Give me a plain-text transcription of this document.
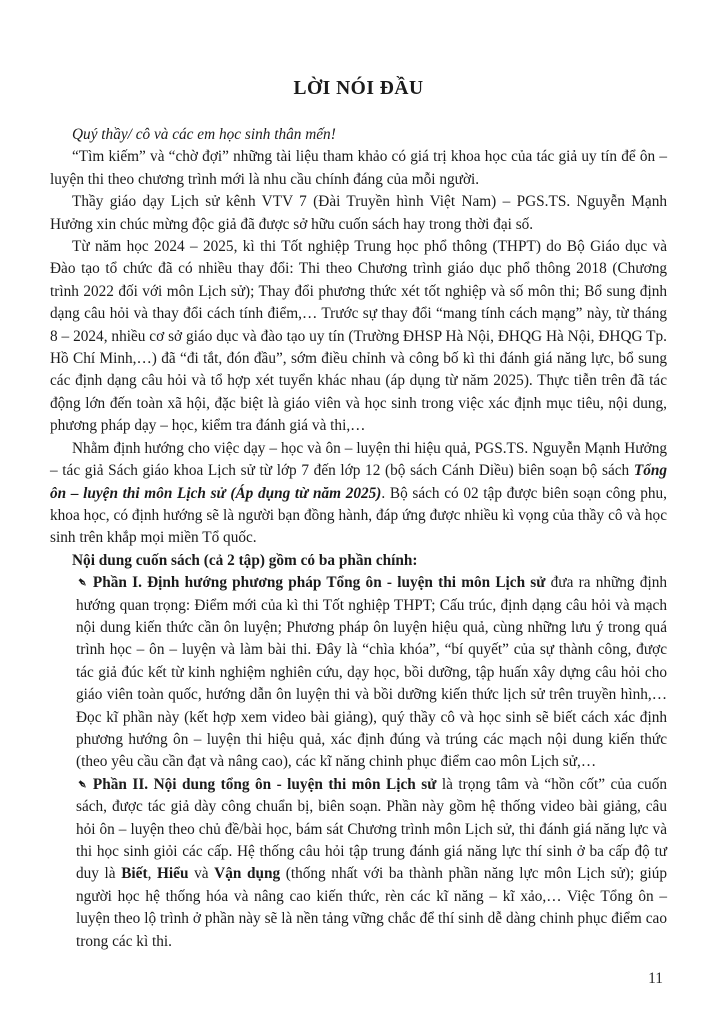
LỜI NÓI ĐẦU

Quý thầy/ cô và các em học sinh thân mến!

“Tìm kiếm” và “chờ đợi” những tài liệu tham khảo có giá trị khoa học của tác giả uy tín để ôn – luyện thi theo chương trình mới là nhu cầu chính đáng của mỗi người.

Thầy giáo dạy Lịch sử kênh VTV 7 (Đài Truyền hình Việt Nam) – PGS.TS. Nguyễn Mạnh Hưởng xin chúc mừng độc giả đã được sở hữu cuốn sách hay trong thời đại số.

Từ năm học 2024 – 2025, kì thi Tốt nghiệp Trung học phổ thông (THPT) do Bộ Giáo dục và Đào tạo tổ chức đã có nhiều thay đổi: Thi theo Chương trình giáo dục phổ thông 2018 (Chương trình 2022 đối với môn Lịch sử); Thay đổi phương thức xét tốt nghiệp và số môn thi; Bổ sung định dạng câu hỏi và thay đổi cách tính điểm,… Trước sự thay đổi “mang tính cách mạng” này, từ tháng 8 – 2024, nhiều cơ sở giáo dục và đào tạo uy tín (Trường ĐHSP Hà Nội, ĐHQG Hà Nội, ĐHQG Tp. Hồ Chí Minh,…) đã “đi tắt, đón đầu”, sớm điều chỉnh và công bố kì thi đánh giá năng lực, bổ sung các định dạng câu hỏi và tổ hợp xét tuyển khác nhau (áp dụng từ năm 2025). Thực tiễn trên đã tác động lớn đến toàn xã hội, đặc biệt là giáo viên và học sinh trong việc xác định mục tiêu, nội dung, phương pháp dạy – học, kiểm tra đánh giá và thi,…

Nhằm định hướng cho việc dạy – học và ôn – luyện thi hiệu quả, PGS.TS. Nguyễn Mạnh Hưởng – tác giả Sách giáo khoa Lịch sử từ lớp 7 đến lớp 12 (bộ sách Cánh Diều) biên soạn bộ sách Tổng ôn – luyện thi môn Lịch sử (Áp dụng từ năm 2025). Bộ sách có 02 tập được biên soạn công phu, khoa học, có định hướng sẽ là người bạn đồng hành, đáp ứng được nhiều kì vọng của thầy cô và học sinh trên khắp mọi miền Tổ quốc.

Nội dung cuốn sách (cả 2 tập) gồm có ba phần chính:

✒Phần I. Định hướng phương pháp Tổng ôn - luyện thi môn Lịch sử đưa ra những định hướng quan trọng: Điểm mới của kì thi Tốt nghiệp THPT; Cấu trúc, định dạng câu hỏi và mạch nội dung kiến thức cần ôn luyện; Phương pháp ôn luyện hiệu quả, cùng những lưu ý trong quá trình học – ôn – luyện và làm bài thi. Đây là “chìa khóa”, “bí quyết” của sự thành công, được tác giả đúc kết từ kinh nghiệm nghiên cứu, dạy học, bồi dưỡng, tập huấn xây dựng câu hỏi cho giáo viên toàn quốc, hướng dẫn ôn luyện thi và bồi dưỡng kiến thức lịch sử trên truyền hình,… Đọc kĩ phần này (kết hợp xem video bài giảng), quý thầy cô và học sinh sẽ biết cách xác định phương hướng ôn – luyện thi hiệu quả, xác định đúng và trúng các mạch nội dung kiến thức (theo yêu cầu cần đạt và nâng cao), các kĩ năng chinh phục điểm cao môn Lịch sử,…

✒Phần II. Nội dung tổng ôn - luyện thi môn Lịch sử là trọng tâm và “hồn cốt” của cuốn sách, được tác giả dày công chuẩn bị, biên soạn. Phần này gồm hệ thống video bài giảng, câu hỏi ôn – luyện theo chủ đề/bài học, bám sát Chương trình môn Lịch sử, thi đánh giá năng lực và thi học sinh giỏi các cấp. Hệ thống câu hỏi tập trung đánh giá năng lực thí sinh ở ba cấp độ tư duy là Biết, Hiểu và Vận dụng (thống nhất với ba thành phần năng lực môn Lịch sử); giúp người học hệ thống hóa và nâng cao kiến thức, rèn các kĩ năng – kĩ xảo,… Việc Tổng ôn – luyện theo lộ trình ở phần này sẽ là nền tảng vững chắc để thí sinh dễ dàng chinh phục điểm cao trong các kì thi.

11
